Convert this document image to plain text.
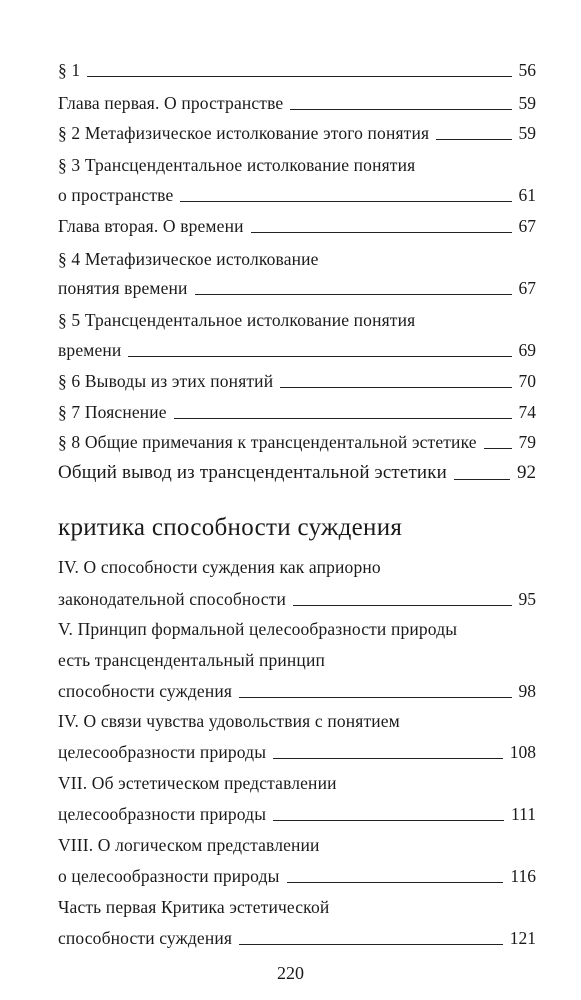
§ 1	56
Глава первая. О пространстве	59
§ 2 Метафизическое истолкование этого понятия	59
§ 3 Трансцендентальное истолкование понятия
о пространстве	61
Глава вторая. О времени	67
§ 4 Метафизическое истолкование
понятия времени	67
§ 5 Трансцендентальное истолкование понятия
времени	69
§ 6 Выводы из этих понятий	70
§ 7 Пояснение	74
§ 8 Общие примечания к трансцендентальной эстетике 79
Общий вывод из трансцендентальной эстетики	92
критика способности суждения
IV. О способности суждения как априорно
законодательной способности	95
V. Принцип формальной целесообразности природы
есть трансцендентальный принцип
способности суждения	98
IV. О связи чувства удовольствия с понятием
целесообразности природы	108
VII. Об эстетическом представлении
целесообразности природы	111
VIII. О логическом представлении
о целесообразности природы	116
Часть первая Критика эстетической
способности суждения	121
220
